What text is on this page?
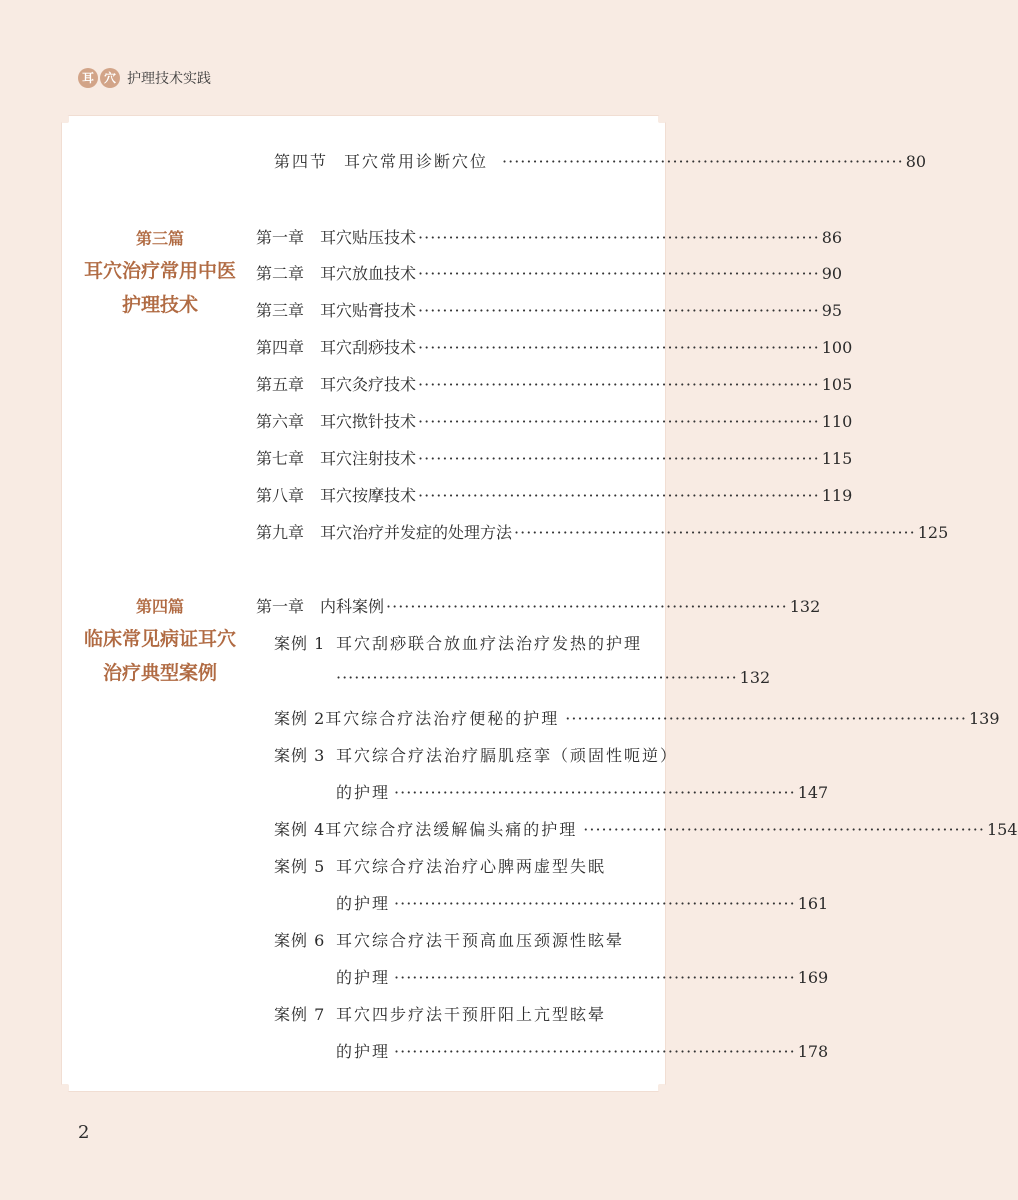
耳 穴 护理技术实践
第四节 耳穴常用诊断穴位 ·································································· 80
第三篇
耳穴治疗常用中医
护理技术
第一章 耳穴贴压技术 ·································································· 86
第二章 耳穴放血技术 ·································································· 90
第三章 耳穴贴膏技术 ·································································· 95
第四章 耳穴刮痧技术 ·································································· 100
第五章 耳穴灸疗技术 ·································································· 105
第六章 耳穴揿针技术 ·································································· 110
第七章 耳穴注射技术 ·································································· 115
第八章 耳穴按摩技术 ·································································· 119
第九章 耳穴治疗并发症的处理方法 ·································································· 125
第四篇
临床常见病证耳穴
治疗典型案例
第一章 内科案例 ·································································· 132
案例 1 耳穴刮痧联合放血疗法治疗发热的护理
·································································· 132
案例 2 耳穴综合疗法治疗便秘的护理 ·································································· 139
案例 3 耳穴综合疗法治疗膈肌痉挛（顽固性呃逆）
的护理 ·································································· 147
案例 4 耳穴综合疗法缓解偏头痛的护理 ·································································· 154
案例 5 耳穴综合疗法治疗心脾两虚型失眠
的护理 ·································································· 161
案例 6 耳穴综合疗法干预高血压颈源性眩晕
的护理 ·································································· 169
案例 7 耳穴四步疗法干预肝阳上亢型眩晕
的护理 ·································································· 178
2
